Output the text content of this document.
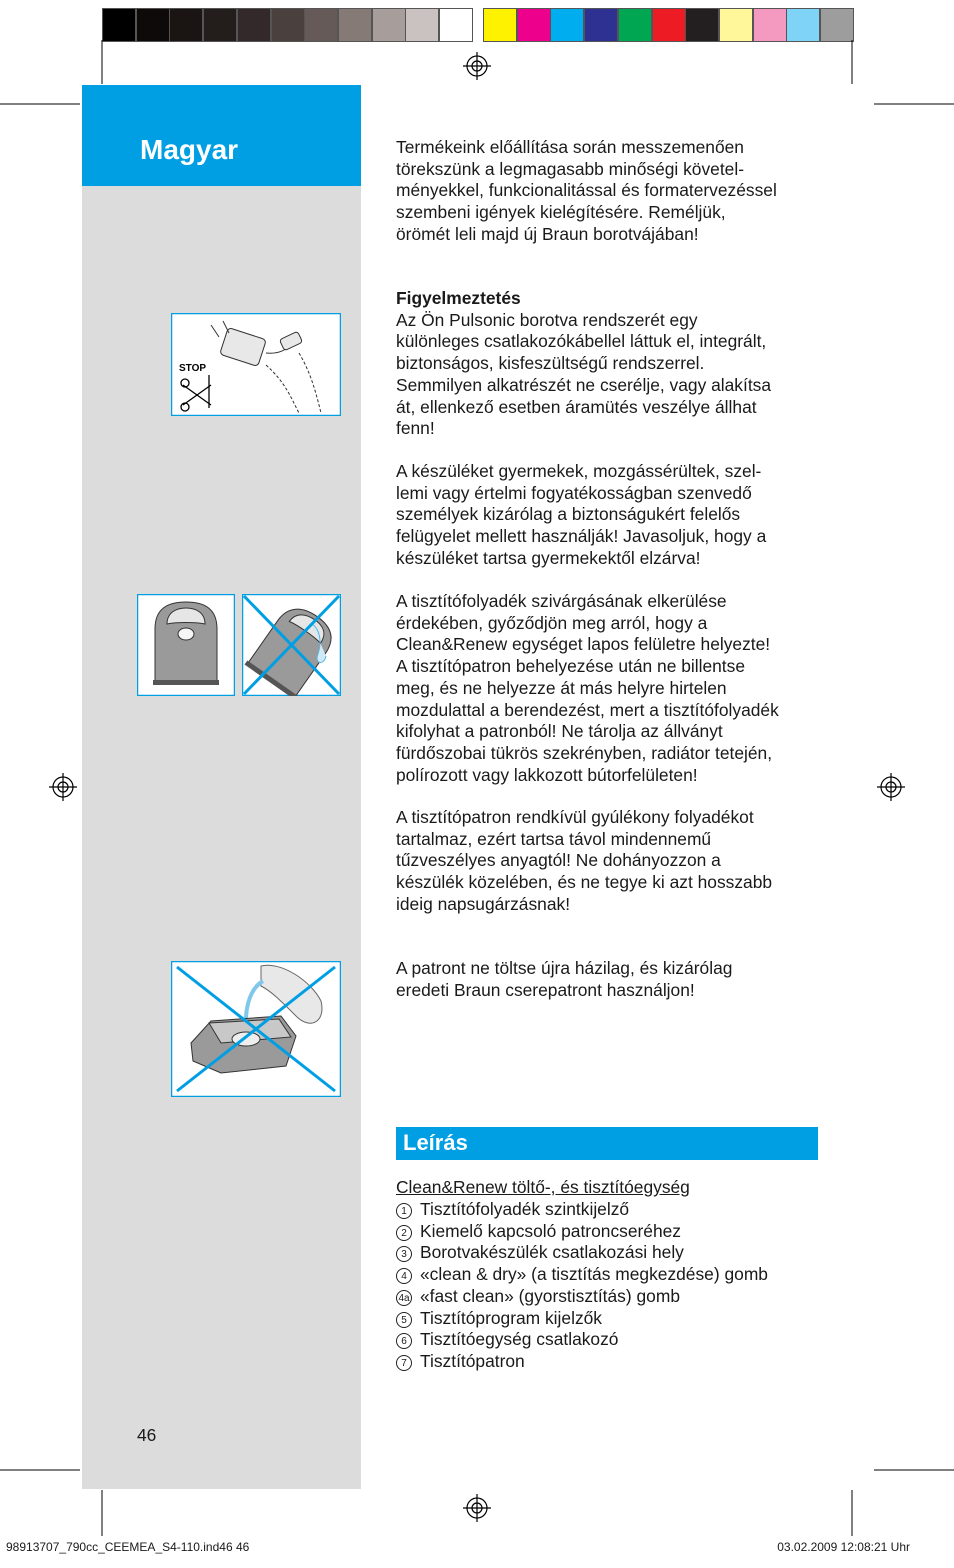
Magyar
STOP

Termékeink előállítása során messzemenően
törekszünk a legmagasabb minőségi követel-
ményekkel, funkcionalitással és formatervezéssel
szembeni igények kielégítésére. Reméljük,
örömét leli majd új Braun borotvájában!

Figyelmeztetés

Az Ön Pulsonic borotva rendszerét egy
különleges csatlakozókábellel láttuk el, integrált,
biztonságos, kisfeszültségű rendszerrel.
Semmilyen alkatrészét ne cserélje, vagy alakítsa
át, ellenkező esetben áramütés veszélye állhat
fenn!

A készüléket gyermekek, mozgássérültek, szel-
lemi vagy értelmi fogyatékosságban szenvedő
személyek kizárólag a biztonságukért felelős
felügyelet mellett használják! Javasoljuk, hogy a
készüléket tartsa gyermekektől elzárva!

A tisztítófolyadék szivárgásának elkerülése
érdekében, győződjön meg arról, hogy a
Clean&Renew egységet lapos felületre helyezte!
A tisztítópatron behelyezése után ne billentse
meg, és ne helyezze át más helyre hirtelen
mozdulattal a berendezést, mert a tisztítófolyadék
kifolyhat a patronból! Ne tárolja az állványt
fürdőszobai tükrös szekrényben, radiátor tetején,
polírozott vagy lakkozott bútorfelületen!

A tisztítópatron rendkívül gyúlékony folyadékot
tartalmaz, ezért tartsa távol mindennemű
tűzveszélyes anyagtól! Ne dohányozzon a
készülék közelében, és ne tegye ki azt hosszabb
ideig napsugárzásnak!

A patront ne töltse újra házilag, és kizárólag
eredeti Braun cserepatront használjon!

Leírás
Clean&Renew töltő-, és tisztítóegység
1 Tisztítófolyadék szintkijelző
2 Kiemelő kapcsoló patroncseréhez
3 Borotvakészülék csatlakozási hely
4 «clean & dry» (a tisztítás megkezdése) gomb
4a «fast clean» (gyorstisztítás) gomb
5 Tisztítóprogram kijelzők
6 Tisztítóegység csatlakozó
7 Tisztítópatron
46
98913707_790cc_CEEMEA_S4-110.ind46 46	03.02.2009 12:08:21 Uhr
